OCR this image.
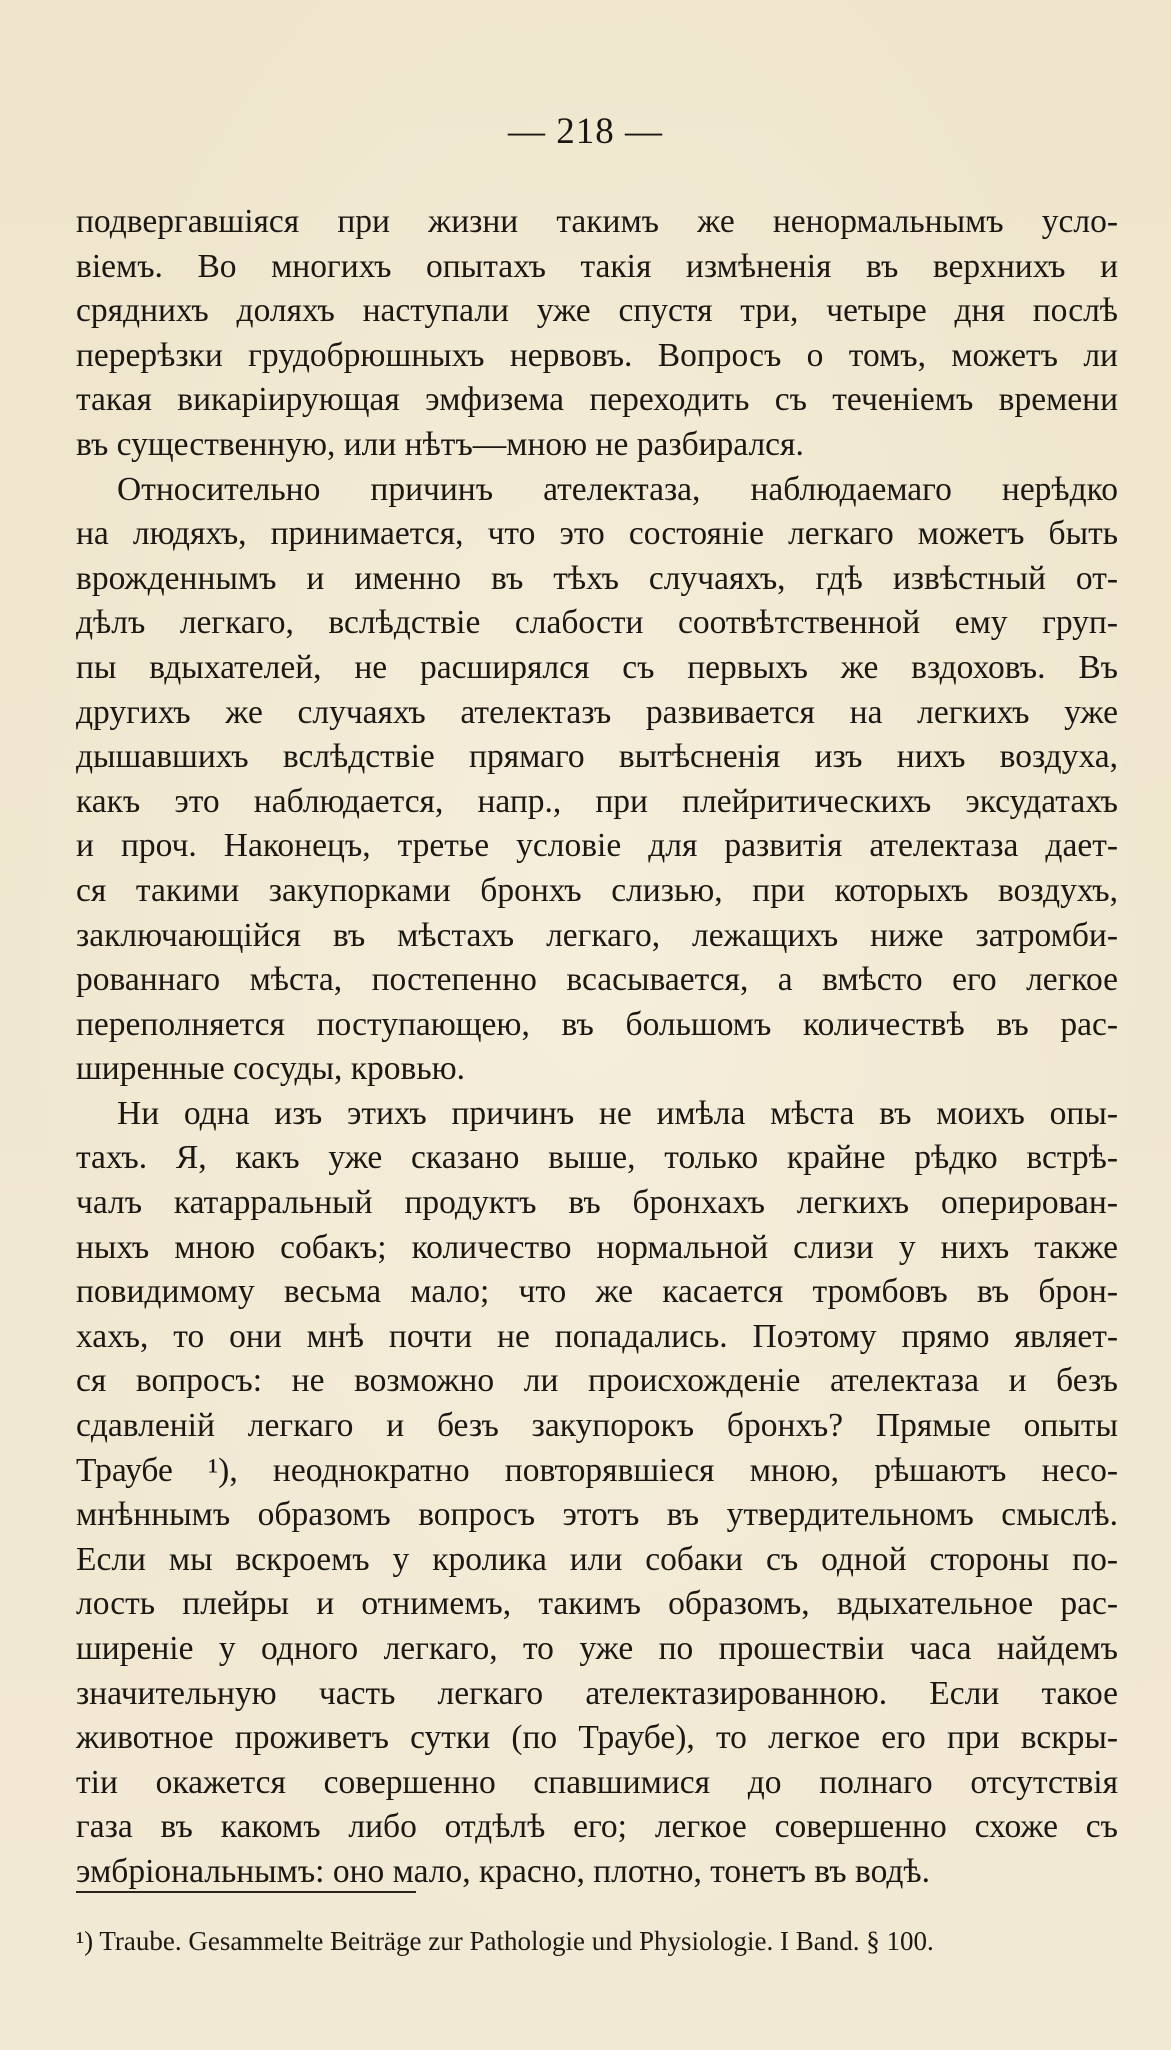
— 218 —
подвергавшіяся при жизни такимъ же ненормальнымъ усло-
віемъ. Во многихъ опытахъ такія измѣненія въ верхнихъ и
сряднихъ доляхъ наступали уже спустя три, четыре дня послѣ
перерѣзки грудобрюшныхъ нервовъ. Вопросъ о томъ, можетъ ли
такая викаріирующая эмфизема переходить съ теченіемъ времени
въ существенную, или нѣтъ—мною не разбирался.
Относительно причинъ ателектаза, наблюдаемаго нерѣдко
на людяхъ, принимается, что это состояніе легкаго можетъ быть
врожденнымъ и именно въ тѣхъ случаяхъ, гдѣ извѣстный от-
дѣлъ легкаго, вслѣдствіе слабости соотвѣтственной ему груп-
пы вдыхателей, не расширялся съ первыхъ же вздоховъ. Въ
другихъ же случаяхъ ателектазъ развивается на легкихъ уже
дышавшихъ вслѣдствіе прямаго вытѣсненія изъ нихъ воздуха,
какъ это наблюдается, напр., при плейритическихъ эксудатахъ
и проч. Наконецъ, третье условіе для развитія ателектаза дает-
ся такими закупорками бронхъ слизью, при которыхъ воздухъ,
заключающійся въ мѣстахъ легкаго, лежащихъ ниже затромби-
рованнаго мѣста, постепенно всасывается, а вмѣсто его легкое
переполняется поступающею, въ большомъ количествѣ въ рас-
ширенные сосуды, кровью.
Ни одна изъ этихъ причинъ не имѣла мѣста въ моихъ опы-
тахъ. Я, какъ уже сказано выше, только крайне рѣдко встрѣ-
чалъ катарральный продуктъ въ бронхахъ легкихъ оперирован-
ныхъ мною собакъ; количество нормальной слизи у нихъ также
повидимому весьма мало; что же касается тромбовъ въ брон-
хахъ, то они мнѣ почти не попадались. Поэтому прямо являет-
ся вопросъ: не возможно ли происхожденіе ателектаза и безъ
сдавленій легкаго и безъ закупорокъ бронхъ? Прямые опыты
Траубе ¹), неоднократно повторявшіеся мною, рѣшаютъ несо-
мнѣннымъ образомъ вопросъ этотъ въ утвердительномъ смыслѣ.
Если мы вскроемъ у кролика или собаки съ одной стороны по-
лость плейры и отнимемъ, такимъ образомъ, вдыхательное рас-
ширеніе у одного легкаго, то уже по прошествіи часа найдемъ
значительную часть легкаго ателектазированною. Если такое
животное проживетъ сутки (по Траубе), то легкое его при вскры-
тіи окажется совершенно спавшимися до полнаго отсутствія
газа въ какомъ либо отдѣлѣ его; легкое совершенно схоже съ
эмбріональнымъ: оно мало, красно, плотно, тонетъ въ водѣ.
¹) Traube. Gesammelte Beiträge zur Pathologie und Physiologie. I Band. § 100.
